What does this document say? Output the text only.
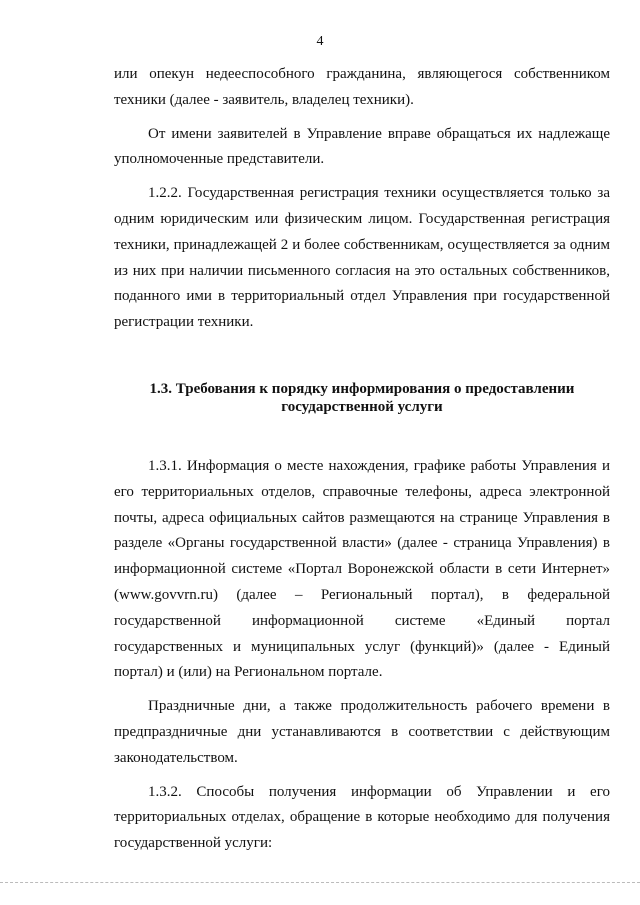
4

или опекун недееспособного гражданина, являющегося собственником техники (далее - заявитель, владелец техники).

От имени заявителей в Управление вправе обращаться их надлежаще уполномоченные представители.

1.2.2. Государственная регистрация техники осуществляется только за одним юридическим или физическим лицом. Государственная регистрация техники, принадлежащей 2 и более собственникам, осуществляется за одним из них при наличии письменного согласия на это остальных собственников, поданного ими в территориальный отдел Управления при государственной регистрации техники.

1.3. Требования к порядку информирования о предоставлении
государственной услуги

1.3.1. Информация о месте нахождения, графике работы Управления и его территориальных отделов, справочные телефоны, адреса электронной почты, адреса официальных сайтов размещаются на странице Управления в разделе «Органы государственной власти» (далее - страница Управления) в информационной системе «Портал Воронежской области в сети Интернет» (www.govvrn.ru) (далее – Региональный портал), в федеральной государственной информационной системе «Единый портал государственных и муниципальных услуг (функций)» (далее - Единый портал) и (или) на Региональном портале.

Праздничные дни, а также продолжительность рабочего времени в предпраздничные дни устанавливаются в соответствии с действующим законодательством.

1.3.2. Способы получения информации об Управлении и его территориальных отделах, обращение в которые необходимо для получения государственной услуги:
